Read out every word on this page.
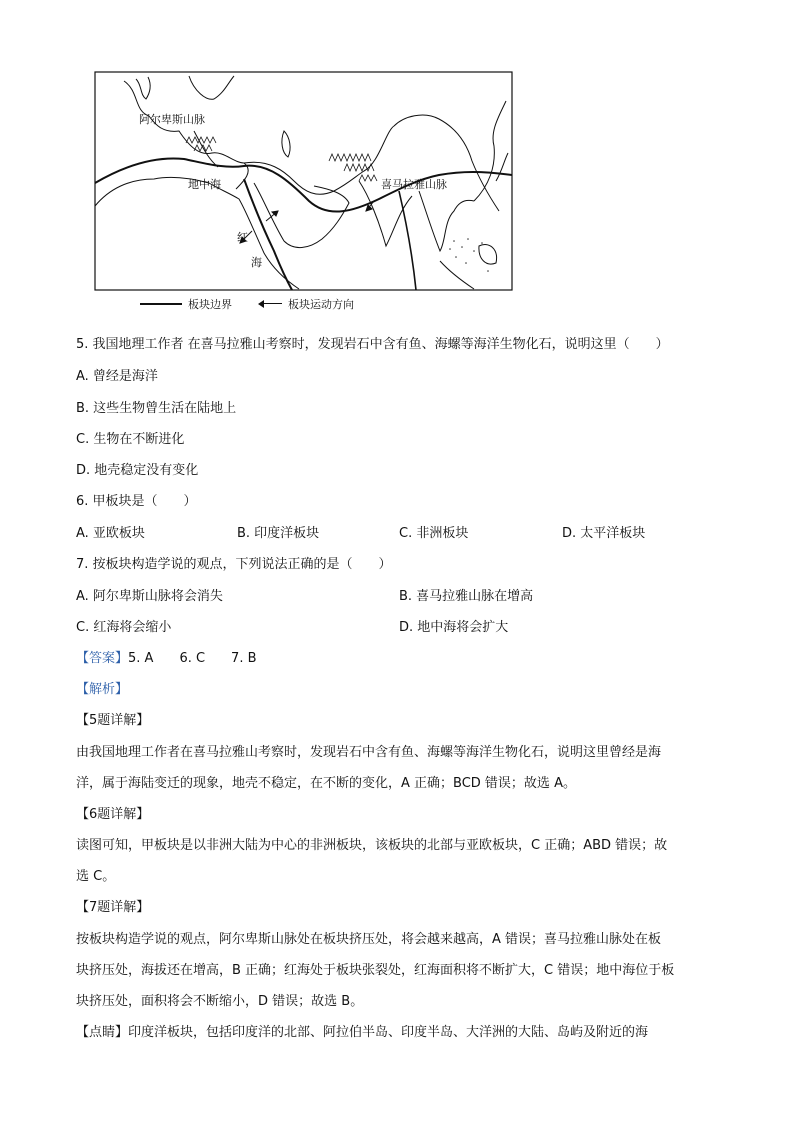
阿尔卑斯山脉
地中海	喜马拉雅山脉
红
海
板块边界	板块运动方向
5. 我国地理工作者 在喜马拉雅山考察时，发现岩石中含有鱼、海螺等海洋生物化石，说明这里（　　）
A. 曾经是海洋
B. 这些生物曾生活在陆地上
C. 生物在不断进化
D. 地壳稳定没有变化
6. 甲板块是（　　）
A. 亚欧板块	B. 印度洋板块	C. 非洲板块	D. 太平洋板块
7. 按板块构造学说的观点，下列说法正确的是（　　）
A. 阿尔卑斯山脉将会消失	B. 喜马拉雅山脉在增高
C. 红海将会缩小	D. 地中海将会扩大
【答案】5. A　　6. C　　7. B
【解析】
【5题详解】
由我国地理工作者在喜马拉雅山考察时，发现岩石中含有鱼、海螺等海洋生物化石，说明这里曾经是海
洋，属于海陆变迁的现象，地壳不稳定，在不断的变化，A 正确；BCD 错误；故选 A。
【6题详解】
读图可知，甲板块是以非洲大陆为中心的非洲板块，该板块的北部与亚欧板块，C 正确；ABD 错误；故
选 C。
【7题详解】
按板块构造学说的观点，阿尔卑斯山脉处在板块挤压处，将会越来越高，A 错误；喜马拉雅山脉处在板
块挤压处，海拔还在增高，B 正确；红海处于板块张裂处，红海面积将不断扩大，C 错误；地中海位于板
块挤压处，面积将会不断缩小，D 错误；故选 B。
【点睛】印度洋板块，包括印度洋的北部、阿拉伯半岛、印度半岛、大洋洲的大陆、岛屿及附近的海
